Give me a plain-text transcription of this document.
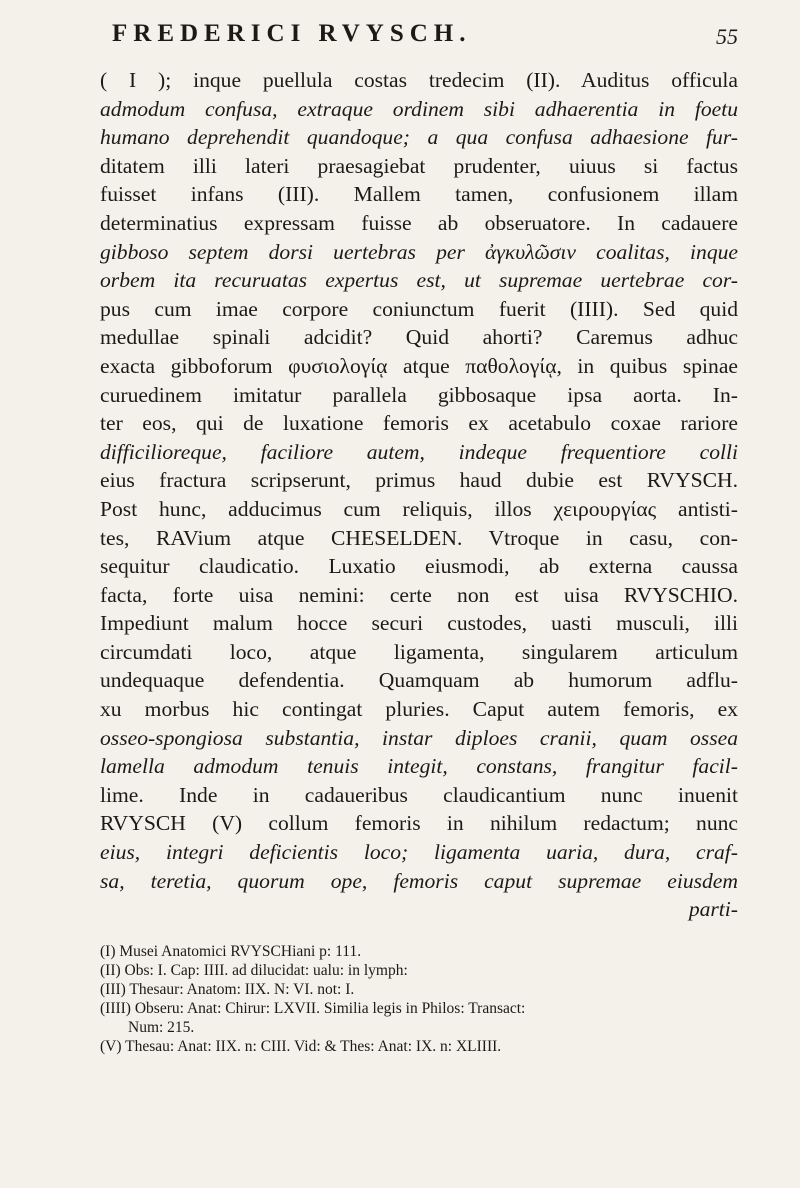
FREDERICI RVYSCH.	55
( I ); inque puellula costas tredecim (II). Auditus officula
admodum confusa, extraque ordinem sibi adhaerentia in foetu
humano deprehendit quandoque; a qua confusa adhaesione fur-
ditatem illi lateri praesagiebat prudenter, uiuus si factus
fuisset infans (III). Mallem tamen, confusionem illam
determinatius expressam fuisse ab obseruatore. In cadauere
gibboso septem dorsi uertebras per ἀγκυλῶσιν coalitas, inque
orbem ita recuruatas expertus est, ut supremae uertebrae cor-
pus cum imae corpore coniunctum fuerit (IIII). Sed quid
medullae spinali adcidit? Quid ahorti? Caremus adhuc
exacta gibboforum φυσιολογίᾳ atque παθολογίᾳ, in quibus spinae
curuedinem imitatur parallela gibbosaque ipsa aorta. In-
ter eos, qui de luxatione femoris ex acetabulo coxae rariore
difficilioreque, faciliore autem, indeque frequentiore colli
eius fractura scripserunt, primus haud dubie est RVYSCH.
Post hunc, adducimus cum reliquis, illos χειρουργίας antisti-
tes, RAVium atque CHESELDEN. Vtroque in casu, con-
sequitur claudicatio. Luxatio eiusmodi, ab externa caussa
facta, forte uisa nemini: certe non est uisa RVYSCHIO.
Impediunt malum hocce securi custodes, uasti musculi, illi
circumdati loco, atque ligamenta, singularem articulum
undequaque defendentia. Quamquam ab humorum adflu-
xu morbus hic contingat pluries. Caput autem femoris, ex
osseo-spongiosa substantia, instar diploes cranii, quam ossea
lamella admodum tenuis integit, constans, frangitur facil-
lime. Inde in cadaueribus claudicantium nunc inuenit
RVYSCH (V) collum femoris in nihilum redactum; nunc
eius, integri deficientis loco; ligamenta uaria, dura, craf-
sa, teretia, quorum ope, femoris caput supremae eiusdem
parti-
(I) Musei Anatomici RVYSCHiani p: 111.
(II) Obs: I. Cap: IIII. ad dilucidat: ualu: in lymph:
(III) Thesaur: Anatom: IIX. N: VI. not: I.
(IIII) Obseru: Anat: Chirur: LXVII. Similia legis in Philos: Transact:
Num: 215.
(V) Thesau: Anat: IIX. n: CIII. Vid: & Thes: Anat: IX. n: XLIIII.
